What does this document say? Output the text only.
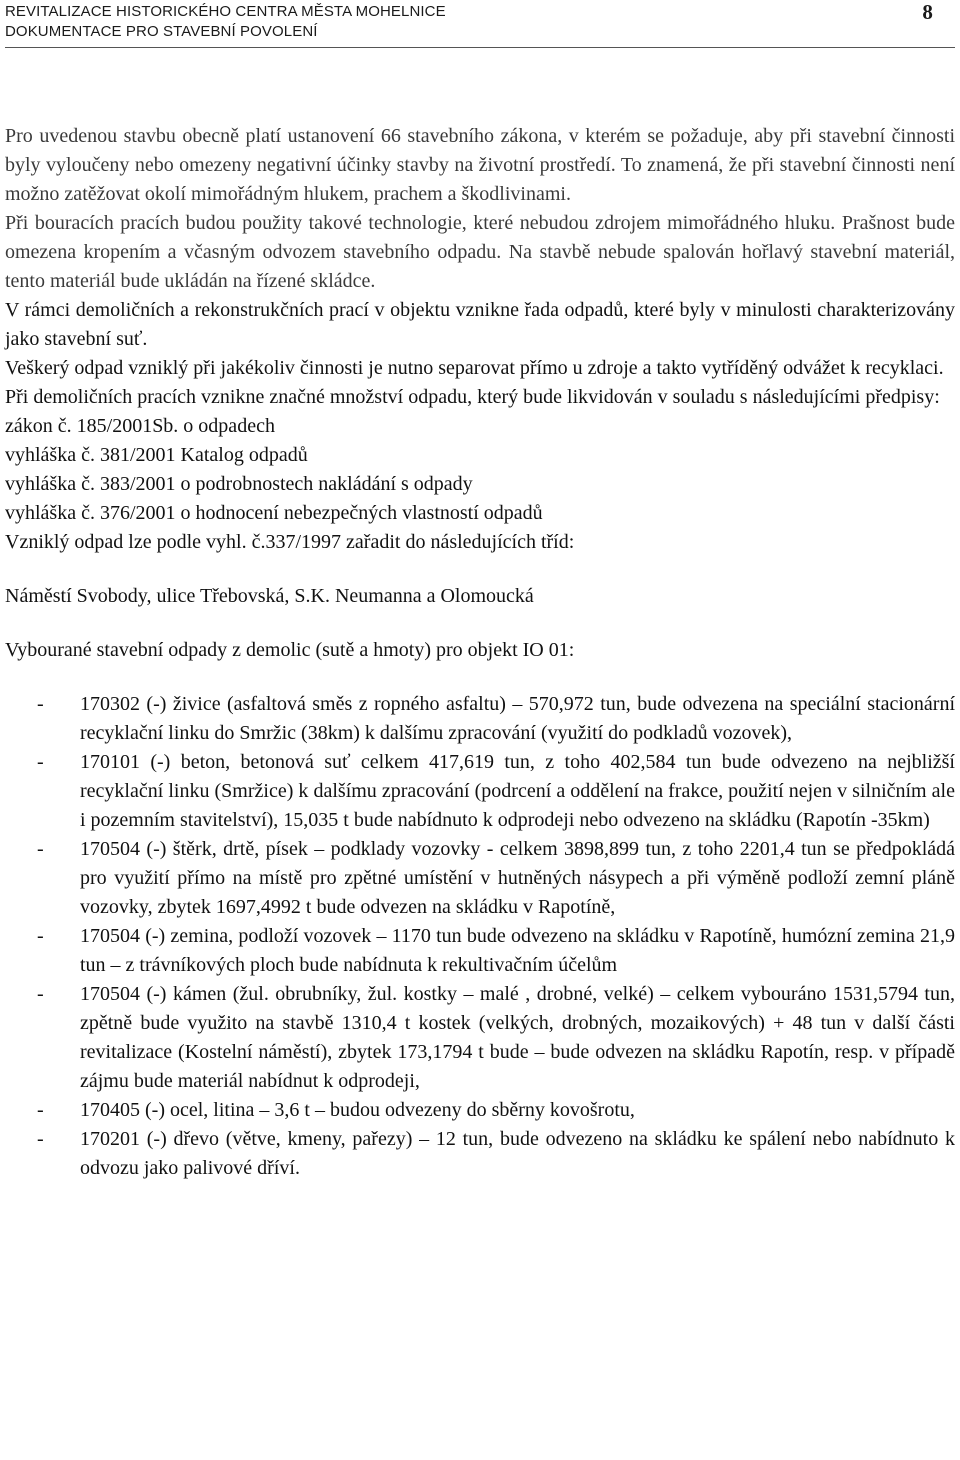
REVITALIZACE HISTORICKÉHO CENTRA MĚSTA MOHELNICE
DOKUMENTACE PRO STAVEBNÍ POVOLENÍ
8

Pro uvedenou stavbu obecně platí ustanovení 66 stavebního zákona, v kterém se požaduje, aby při stavební činnosti byly vyloučeny nebo omezeny negativní účinky stavby na životní prostředí. To znamená, že při stavební činnosti není možno zatěžovat okolí mimořádným hlukem, prachem a škodlivinami.

Při bouracích pracích budou použity takové technologie, které nebudou zdrojem mimořádného hluku. Prašnost bude omezena kropením a včasným odvozem stavebního odpadu. Na stavbě nebude spalován hořlavý stavební materiál, tento materiál bude ukládán na řízené skládce.

V rámci demoličních a rekonstrukčních prací v objektu vznikne řada odpadů, které byly v minulosti charakterizovány jako stavební suť.

Veškerý odpad vzniklý při jakékoliv činnosti je nutno separovat přímo u zdroje a takto vytříděný odvážet k recyklaci.

Při demoličních pracích vznikne značné množství odpadu, který bude likvidován v souladu s následujícími předpisy:

zákon č. 185/2001Sb. o odpadech

vyhláška č. 381/2001 Katalog odpadů

vyhláška č. 383/2001 o podrobnostech nakládání s odpady

vyhláška č. 376/2001 o hodnocení nebezpečných vlastností odpadů

Vzniklý odpad lze podle vyhl. č.337/1997 zařadit do následujících tříd:

Náměstí Svobody, ulice Třebovská, S.K. Neumanna a Olomoucká

Vybourané stavební odpady z demolic (sutě a hmoty) pro objekt IO 01:

- 170302 (-) živice (asfaltová směs z ropného asfaltu) – 570,972 tun, bude odvezena na speciální stacionární recyklační linku do Smržic (38km) k dalšímu zpracování (využití do podkladů vozovek),
- 170101 (-) beton, betonová suť celkem 417,619 tun, z toho 402,584 tun bude odvezeno na nejbližší recyklační linku (Smržice) k dalšímu zpracování (podrcení a oddělení na frakce, použití nejen v silničním ale i pozemním stavitelství), 15,035 t bude nabídnuto k odprodeji nebo odvezeno na skládku (Rapotín -35km)
- 170504 (-) štěrk, drtě, písek – podklady vozovky - celkem 3898,899 tun, z toho 2201,4 tun se předpokládá pro využití přímo na místě pro zpětné umístění v hutněných násypech a při výměně podloží zemní pláně vozovky, zbytek 1697,4992 t bude odvezen na skládku v Rapotíně,
- 170504 (-) zemina, podloží vozovek – 1170 tun bude odvezeno na skládku v Rapotíně, humózní zemina 21,9 tun – z trávníkových ploch bude nabídnuta k rekultivačním účelům
- 170504 (-) kámen (žul. obrubníky, žul. kostky – malé , drobné, velké) – celkem vybouráno 1531,5794 tun, zpětně bude využito na stavbě 1310,4 t kostek (velkých, drobných, mozaikových) + 48 tun v další části revitalizace (Kostelní náměstí), zbytek 173,1794 t bude – bude odvezen na skládku Rapotín, resp. v případě zájmu bude materiál nabídnut k odprodeji,
- 170405 (-) ocel, litina – 3,6 t – budou odvezeny do sběrny kovošrotu,
- 170201 (-) dřevo (větve, kmeny, pařezy) – 12 tun, bude odvezeno na skládku ke spálení nebo nabídnuto k odvozu jako palivové dříví.
